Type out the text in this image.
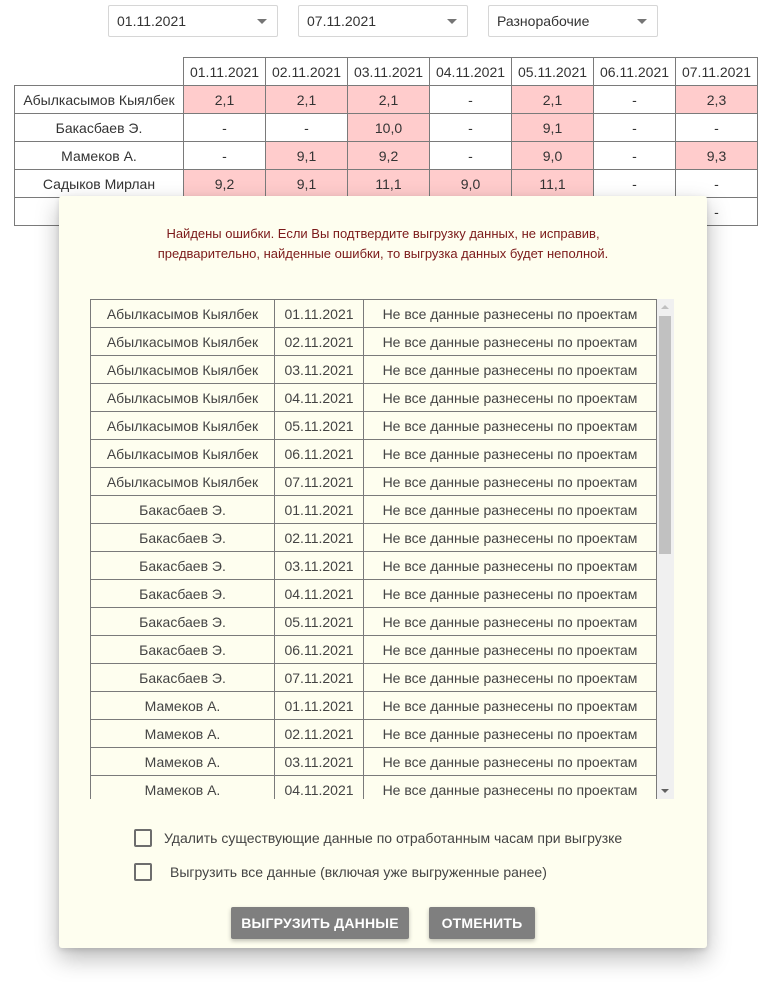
01.11.2021	07.11.2021	Разнорабочие
	01.11.2021	02.11.2021	03.11.2021	04.11.2021	05.11.2021	06.11.2021	07.11.2021
Абылкасымов Кыялбек	2,1	2,1	2,1	-	2,1	-	2,3
Бакасбаев Э.	-	-	10,0	-	9,1	-	-
Мамеков А.	-	9,1	9,2	-	9,0	-	9,3
Садыков Мирлан	9,2	9,1	11,1	9,0	11,1	-	-
							-
Найдены ошибки. Если Вы подтвердите выгрузку данных, не исправив,
предварительно, найденные ошибки, то выгрузка данных будет неполной.
Абылкасымов Кыялбек	01.11.2021	Не все данные разнесены по проектам
Абылкасымов Кыялбек	02.11.2021	Не все данные разнесены по проектам
Абылкасымов Кыялбек	03.11.2021	Не все данные разнесены по проектам
Абылкасымов Кыялбек	04.11.2021	Не все данные разнесены по проектам
Абылкасымов Кыялбек	05.11.2021	Не все данные разнесены по проектам
Абылкасымов Кыялбек	06.11.2021	Не все данные разнесены по проектам
Абылкасымов Кыялбек	07.11.2021	Не все данные разнесены по проектам
Бакасбаев Э.	01.11.2021	Не все данные разнесены по проектам
Бакасбаев Э.	02.11.2021	Не все данные разнесены по проектам
Бакасбаев Э.	03.11.2021	Не все данные разнесены по проектам
Бакасбаев Э.	04.11.2021	Не все данные разнесены по проектам
Бакасбаев Э.	05.11.2021	Не все данные разнесены по проектам
Бакасбаев Э.	06.11.2021	Не все данные разнесены по проектам
Бакасбаев Э.	07.11.2021	Не все данные разнесены по проектам
Мамеков А.	01.11.2021	Не все данные разнесены по проектам
Мамеков А.	02.11.2021	Не все данные разнесены по проектам
Мамеков А.	03.11.2021	Не все данные разнесены по проектам
Мамеков А.	04.11.2021	Не все данные разнесены по проектам
Удалить существующие данные по отработанным часам при выгрузке
Выгрузить все данные (включая уже выгруженные ранее)
ВЫГРУЗИТЬ ДАННЫЕ	ОТМЕНИТЬ
